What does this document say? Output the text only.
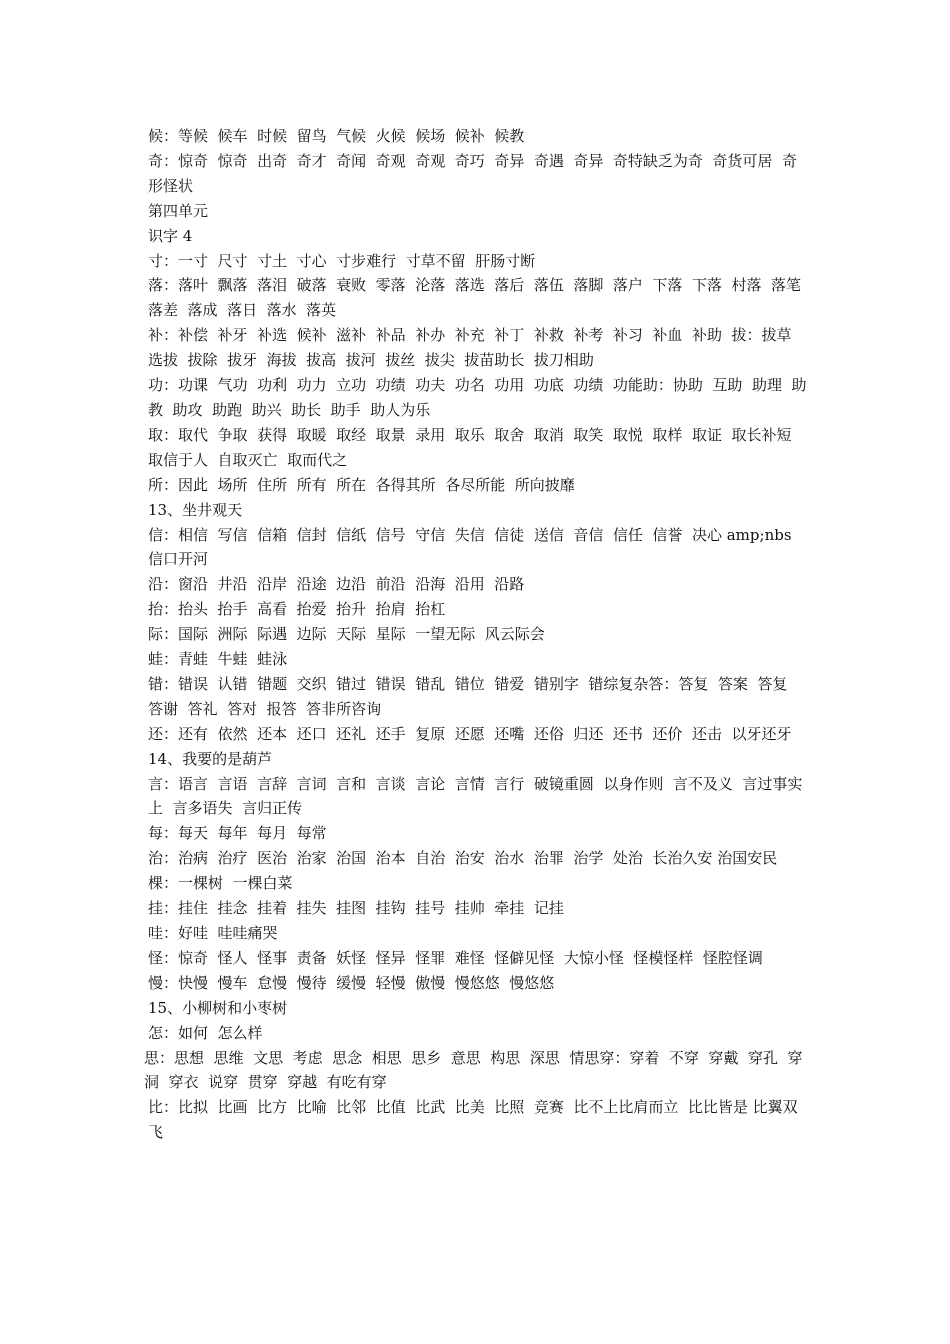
候：等候  候车  时候  留鸟  气候  火候  候场  候补  候教

奇：惊奇  惊奇  出奇  奇才  奇闻  奇观  奇观  奇巧  奇异  奇遇  奇异  奇特缺乏为奇  奇货可居  奇形怪状

第四单元

识字 4

寸：一寸  尺寸  寸土  寸心  寸步难行  寸草不留  肝肠寸断

落：落叶  飘落  落泪  破落  衰败  零落  沦落  落选  落后  落伍  落脚  落户  下落  下落  村落  落笔  落差  落成  落日  落水  落英

补：补偿  补牙  补选  候补  滋补  补品  补办  补充  补丁  补救  补考  补习  补血  补助  拔：拔草  选拔  拔除  拔牙  海拔  拔高  拔河  拔丝  拔尖  拔苗助长  拔刀相助

功：功课  气功  功利  功力  立功  功绩  功夫  功名  功用  功底  功绩  功能助：协助  互助  助理  助教  助攻  助跑  助兴  助长  助手  助人为乐

取：取代  争取  获得  取暖  取经  取景  录用  取乐  取舍  取消  取笑  取悦  取样  取证  取长补短  取信于人  自取灭亡  取而代之

所：因此  场所  住所  所有  所在  各得其所  各尽所能  所向披靡

13、坐井观天

信：相信  写信  信箱  信封  信纸  信号  守信  失信  信徒  送信  音信  信任  信誉  决心 amp;nbs  信口开河

沿：窗沿  井沿  沿岸  沿途  边沿  前沿  沿海  沿用  沿路

抬：抬头  抬手  高看  抬爱  抬升  抬肩  抬杠

际：国际  洲际  际遇  边际  天际  星际  一望无际  风云际会

蛙：青蛙  牛蛙  蛙泳

错：错误  认错  错题  交织  错过  错误  错乱  错位  错爱  错别字  错综复杂答：答复  答案  答复  答谢  答礼  答对  报答  答非所咨询

还：还有  依然  还本  还口  还礼  还手  复原  还愿  还嘴  还俗  归还  还书  还价  还击  以牙还牙

14、我要的是葫芦

言：语言  言语  言辞  言词  言和  言谈  言论  言情  言行  破镜重圆  以身作则  言不及义  言过事实上  言多语失  言归正传

每：每天  每年  每月  每常

治：治病  治疗  医治  治家  治国  治本  自治  治安  治水  治罪  治学  处治  长治久安 治国安民

棵：一棵树  一棵白菜

挂：挂住  挂念  挂着  挂失  挂图  挂钩  挂号  挂帅  牵挂  记挂

哇：好哇  哇哇痛哭

怪：惊奇  怪人  怪事  责备  妖怪  怪异  怪罪  难怪  怪僻见怪  大惊小怪  怪模怪样  怪腔怪调

慢：快慢  慢车  怠慢  慢待  缓慢  轻慢  傲慢  慢悠悠  慢悠悠

15、小柳树和小枣树

怎：如何  怎么样

思：思想  思维  文思  考虑  思念  相思  思乡  意思  构思  深思  情思穿：穿着  不穿  穿戴  穿孔  穿洞  穿衣  说穿  贯穿  穿越  有吃有穿

比：比拟  比画  比方  比喻  比邻  比值  比武  比美  比照  竞赛  比不上比肩而立  比比皆是 比翼双飞
